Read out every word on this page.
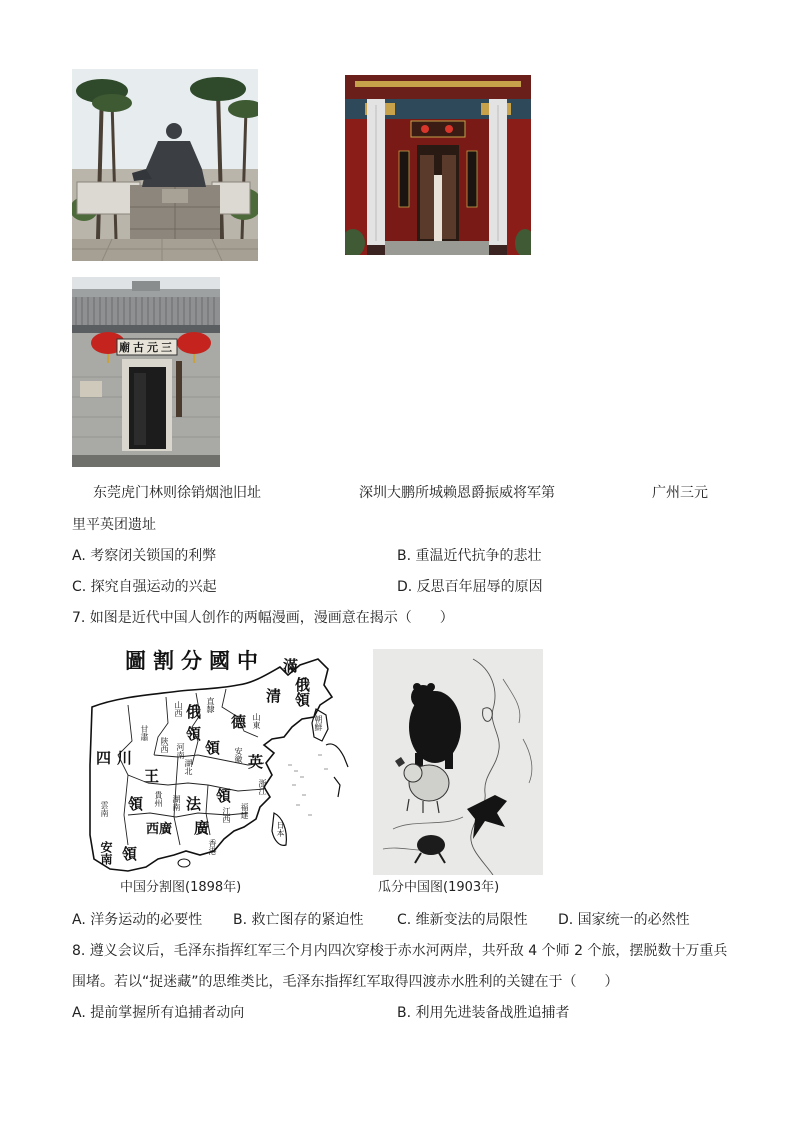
廟古元三
东莞虎门林则徐销烟池旧址	深圳大鹏所城赖恩爵振威将军第	广州三元
里平英团遗址
A. 考察闭关锁国的利弊	B. 重温近代抗争的悲壮
C. 探究自强运动的兴起	D. 反思百年屈辱的原因
7. 如图是近代中国人创作的两幅漫画，漫画意在揭示（　　）
圖割分國中 滿
俄領
清
朝鮮
俄
山西	直隸
德 山東
甘肅
陝西
領
河南 領
湖北
安徽 英
四川
王
浙江
領
江西
雲南 領 貴州 湖南 法	福建
西廣 廣
香港
安南 領
日本
中国分割图(1898年)	瓜分中国图(1903年)
A. 洋务运动的必要性 B. 救亡图存的紧迫性 C. 维新变法的局限性 D. 国家统一的必然性
8. 遵义会议后，毛泽东指挥红军三个月内四次穿梭于赤水河两岸，共歼敌 4 个师 2 个旅，摆脱数十万重兵
围堵。若以“捉迷藏”的思维类比，毛泽东指挥红军取得四渡赤水胜利的关键在于（　　）
A. 提前掌握所有追捕者动向	B. 利用先进装备战胜追捕者
